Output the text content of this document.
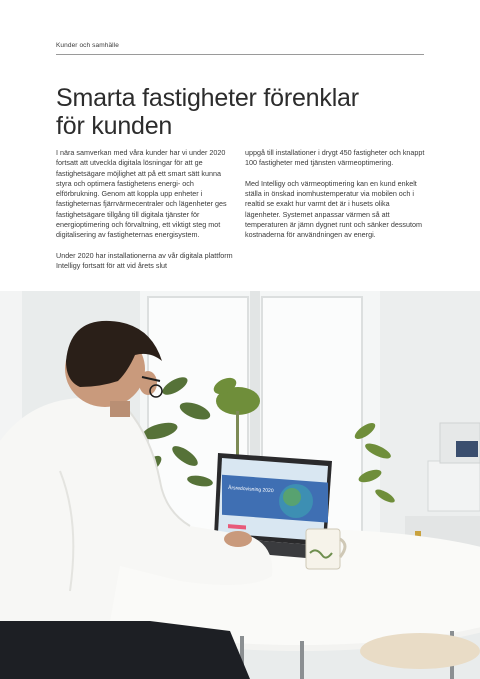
Kunder och samhälle
Smarta fastigheter förenklar
för kunden

I nära samverkan med våra kunder har vi under 2020 fortsatt att utveckla digitala lösningar för att ge fastighetsägare möjlighet att på ett smart sätt kunna styra och optimera fastighetens energi- och elförbrukning. Genom att koppla upp enheter i fastigheternas fjärrvärmecentraler och lägenheter ges fastighetsägare tillgång till digitala tjänster för energioptimering och förvaltning, ett viktigt steg mot digitalisering av fastigheternas energisystem.

Under 2020 har installationerna av vår digitala plattform Intelligy fortsatt för att vid årets slut

uppgå till installationer i drygt 450 fastigheter och knappt 100 fastigheter med tjänsten värmeoptimering.

Med Intelligy och värmeoptimering kan en kund enkelt ställa in önskad inomhustemperatur via mobilen och i realtid se exakt hur varmt det är i husets olika lägenheter. Systemet anpassar värmen så att temperaturen är jämn dygnet runt och sänker dessutom kostnaderna för användningen av energi.

Årsredovisning 2020
